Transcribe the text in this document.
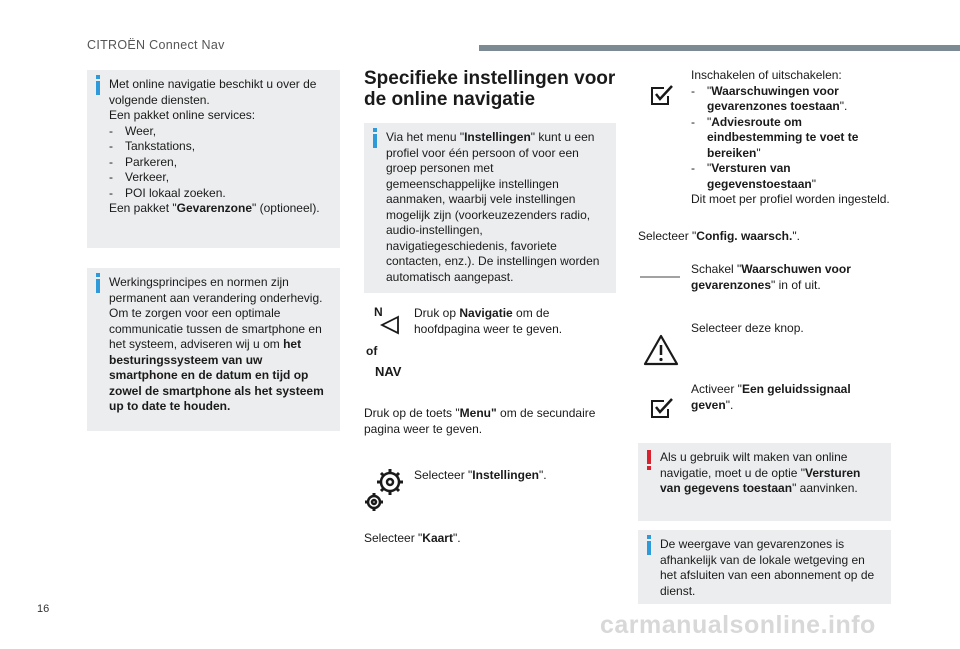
CITROËN Connect Nav

Met online navigatie beschikt u over de volgende diensten.

Een pakket online services:

- Weer,
- Tankstations,
- Parkeren,
- Verkeer,
- POI lokaal zoeken.

Een pakket "Gevarenzone" (optioneel).

Werkingsprincipes en normen zijn permanent aan verandering onderhevig. Om te zorgen voor een optimale communicatie tussen de smartphone en het systeem, adviseren wij u om het besturingssysteem van uw smartphone en de datum en tijd op zowel de smartphone als het systeem up to date te houden.

Specifieke instellingen voor de online navigatie

Via het menu "Instellingen" kunt u een profiel voor één persoon of voor een groep personen met gemeenschappelijke instellingen aanmaken, waarbij vele instellingen mogelijk zijn (voorkeuzezenders radio, audio-instellingen, navigatiegeschiedenis, favoriete contacten, enz.). De instellingen worden automatisch aangepast.

N
of
NAV
Druk op Navigatie om de hoofdpagina weer te geven.
Druk op de toets "Menu" om de secundaire pagina weer te geven.
Selecteer "Instellingen".
Selecteer "Kaart".
Inschakelen of uitschakelen:
- "Waarschuwingen voor gevarenzones toestaan".
- "Adviesroute om eindbestemming te voet te bereiken"
- "Versturen van gegevenstoestaan"
Dit moet per profiel worden ingesteld.
Selecteer "Config. waarsch.".
Schakel "Waarschuwen voor gevarenzones" in of uit.
Selecteer deze knop.
Activeer "Een geluidssignaal geven".

Als u gebruik wilt maken van online navigatie, moet u de optie "Versturen van gegevens toestaan" aanvinken.

De weergave van gevarenzones is afhankelijk van de lokale wetgeving en het afsluiten van een abonnement op de dienst.

16
carmanualsonline.info
